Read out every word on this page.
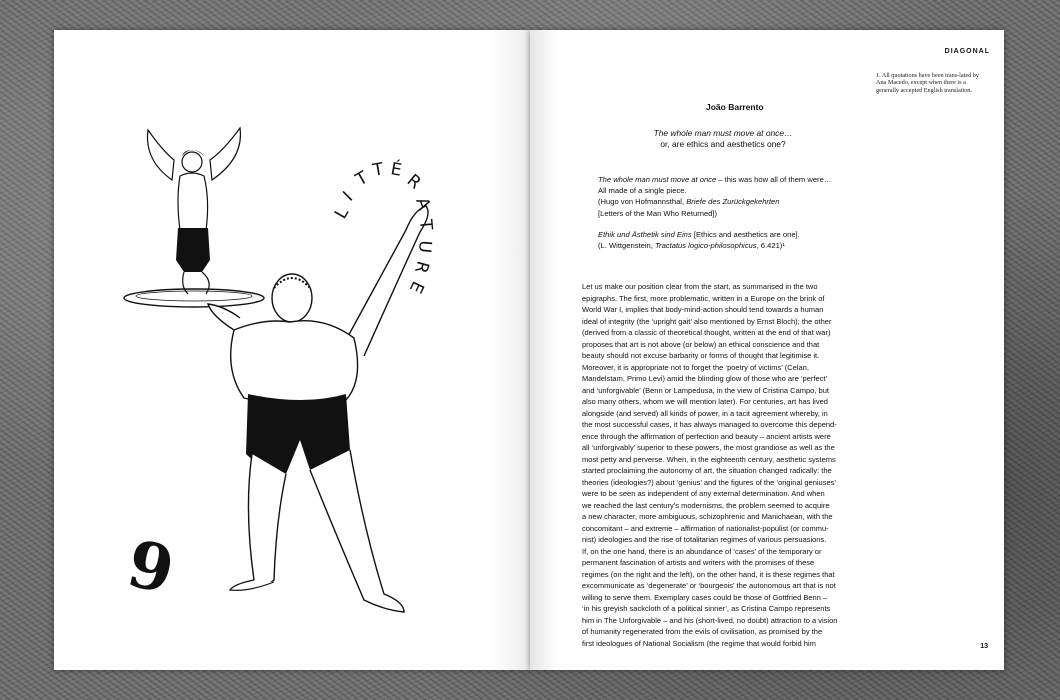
L
I
T T É
R
A
T
U
R
E
9
DIAGONAL
1. All quotations have been trans-lated by Ana Macedo, except when there is a generally accepted English translation.
João Barrento
The whole man must move at once…
or, are ethics and aesthetics one?

The whole man must move at once – this was how all of them were…

All made of a single piece.

(Hugo von Hofmannsthal, Briefe des Zurückgekehrten

[Letters of the Man Who Returned])

Ethik und Ästhetik sind Eins [Ethics and aesthetics are one].

(L. Wittgenstein, Tractatus logico-philosophicus, 6.421)¹

Let us make our position clear from the start, as summarised in the two

epigraphs. The first, more problematic, written in a Europe on the brink of

World War I, implies that body-mind-action should tend towards a human

ideal of integrity (the ‘upright gait’ also mentioned by Ernst Bloch); the other

(derived from a classic of theoretical thought, written at the end of that war)

proposes that art is not above (or below) an ethical conscience and that

beauty should not excuse barbarity or forms of thought that legitimise it.

Moreover, it is appropriate not to forget the ‘poetry of victims’ (Celan,

Mandelstam, Primo Levi) amid the blinding glow of those who are ‘perfect’

and ‘unforgivable’ (Benn or Lampedusa, in the view of Cristina Campo, but

also many others, whom we will mention later). For centuries, art has lived

alongside (and served) all kinds of power, in a tacit agreement whereby, in

the most successful cases, it has always managed to overcome this depend-

ence through the affirmation of perfection and beauty – ancient artists were

all ‘unforgivably’ superior to these powers, the most grandiose as well as the

most petty and perverse. When, in the eighteenth century, aesthetic systems

started proclaiming the autonomy of art, the situation changed radically: the

theories (ideologies?) about ‘genius’ and the figures of the ‘original geniuses’

were to be seen as independent of any external determination. And when

we reached the last century’s modernisms, the problem seemed to acquire

a new character, more ambiguous, schizophrenic and Manichaean, with the

concomitant – and extreme – affirmation of nationalist-populist (or commu-

nist) ideologies and the rise of totalitarian regimes of various persuasions.

If, on the one hand, there is an abundance of ‘cases’ of the temporary or

permanent fascination of artists and writers with the promises of these

regimes (on the right and the left), on the other hand, it is these regimes that

excommunicate as ‘degenerate’ or ‘bourgeois’ the autonomous art that is not

willing to serve them. Exemplary cases could be those of Gottfried Benn –

‘in his greyish sackcloth of a political sinner’, as Cristina Campo represents

him in The Unforgivable – and his (short-lived, no doubt) attraction to a vision

of humanity regenerated from the evils of civilisation, as promised by the

first ideologues of National Socialism (the regime that would forbid him	13
